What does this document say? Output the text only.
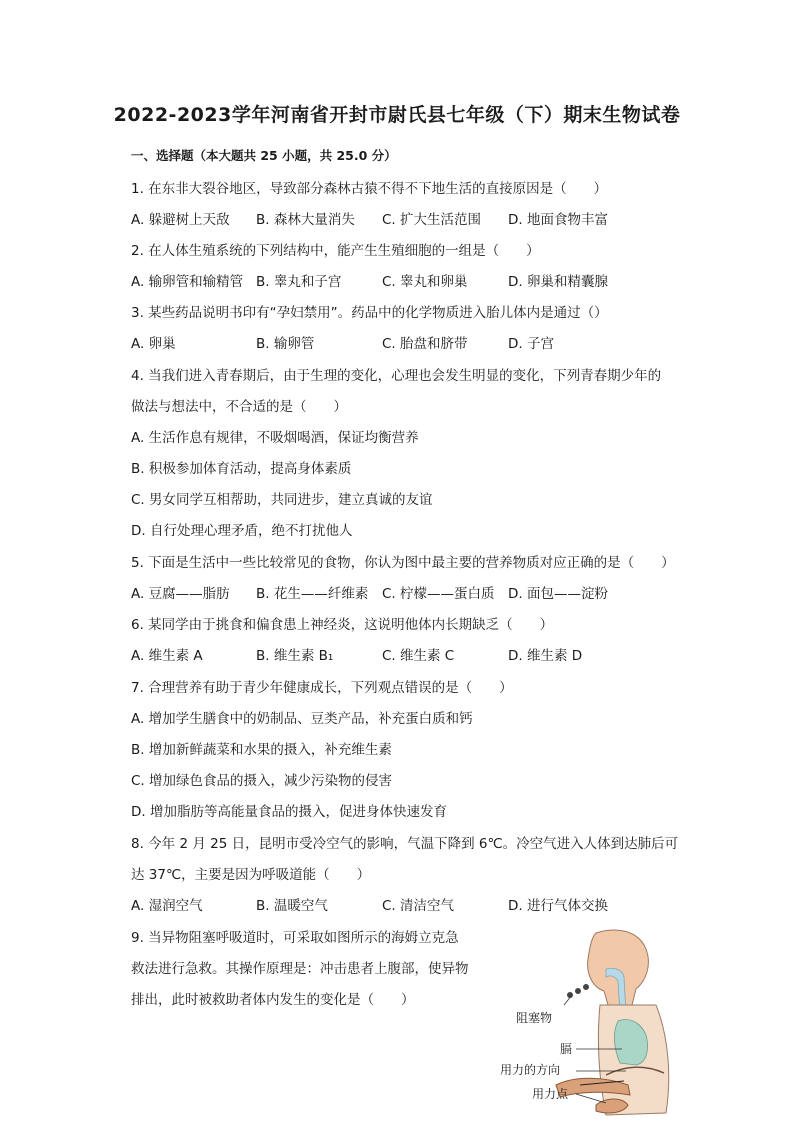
2022-2023学年河南省开封市尉氏县七年级（下）期末生物试卷
一、选择题（本大题共 25 小题，共 25.0 分）
1. 在东非大裂谷地区，导致部分森林古猿不得不下地生活的直接原因是（　　）
A. 躲避树上天敌 B. 森林大量消失 C. 扩大生活范围 D. 地面食物丰富
2. 在人体生殖系统的下列结构中，能产生生殖细胞的一组是（　　）
A. 输卵管和输精管 B. 睾丸和子宫	C. 睾丸和卵巢	D. 卵巢和精囊腺
3. 某些药品说明书印有“孕妇禁用”。药品中的化学物质进入胎儿体内是通过（）
A. 卵巢	B. 输卵管	C. 胎盘和脐带	D. 子宫
4. 当我们进入青春期后，由于生理的变化，心理也会发生明显的变化，下列青春期少年的
做法与想法中，不合适的是（　　）
A. 生活作息有规律，不吸烟喝酒，保证均衡营养
B. 积极参加体育活动，提高身体素质
C. 男女同学互相帮助，共同进步，建立真诚的友谊
D. 自行处理心理矛盾，绝不打扰他人
5. 下面是生活中一些比较常见的食物，你认为图中最主要的营养物质对应正确的是（　　）
A. 豆腐——脂肪 B. 花生——纤维素 C. 柠檬——蛋白质 D. 面包——淀粉
6. 某同学由于挑食和偏食患上神经炎，这说明他体内长期缺乏（　　）
A. 维生素 A	B. 维生素 B₁	C. 维生素 C	D. 维生素 D
7. 合理营养有助于青少年健康成长，下列观点错误的是（　　）
A. 增加学生膳食中的奶制品、豆类产品，补充蛋白质和钙
B. 增加新鲜蔬菜和水果的摄入，补充维生素
C. 增加绿色食品的摄入，减少污染物的侵害
D. 增加脂肪等高能量食品的摄入，促进身体快速发育
8. 今年 2 月 25 日，昆明市受冷空气的影响，气温下降到 6℃。冷空气进入人体到达肺后可
达 37℃，主要是因为呼吸道能（　　）
A. 湿润空气	B. 温暖空气	C. 清洁空气	D. 进行气体交换
9. 当异物阻塞呼吸道时，可采取如图所示的海姆立克急
救法进行急救。其操作原理是：冲击患者上腹部，使异物
排出，此时被救助者体内发生的变化是（　　）
阻塞物
膈
用力的方向
用力点
